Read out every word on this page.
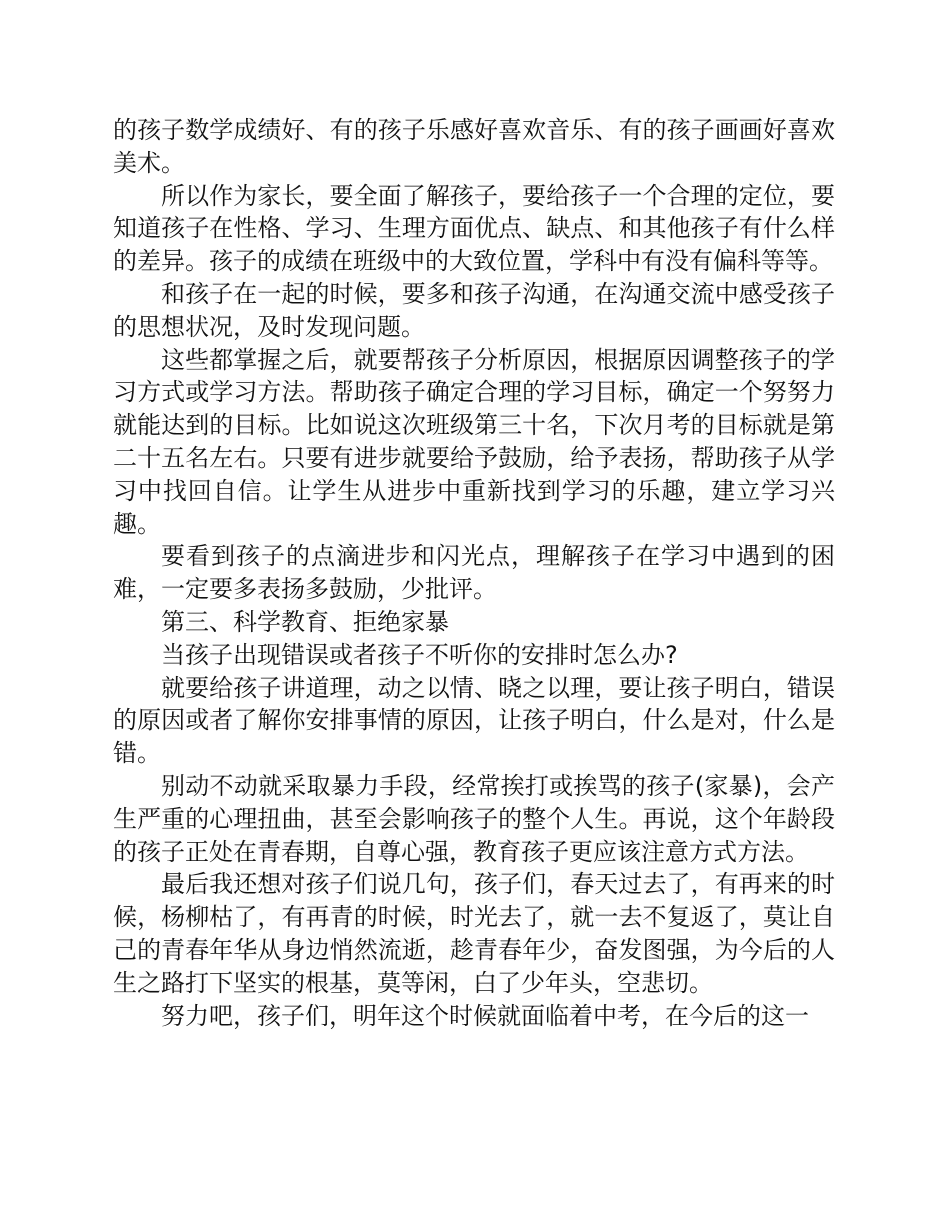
的孩子数学成绩好、有的孩子乐感好喜欢音乐、有的孩子画画好喜欢美术。

所以作为家长，要全面了解孩子，要给孩子一个合理的定位，要知道孩子在性格、学习、生理方面优点、缺点、和其他孩子有什么样的差异。孩子的成绩在班级中的大致位置，学科中有没有偏科等等。

和孩子在一起的时候，要多和孩子沟通，在沟通交流中感受孩子的思想状况，及时发现问题。

这些都掌握之后，就要帮孩子分析原因，根据原因调整孩子的学习方式或学习方法。帮助孩子确定合理的学习目标，确定一个努努力就能达到的目标。比如说这次班级第三十名，下次月考的目标就是第二十五名左右。只要有进步就要给予鼓励，给予表扬，帮助孩子从学习中找回自信。让学生从进步中重新找到学习的乐趣，建立学习兴趣。

要看到孩子的点滴进步和闪光点，理解孩子在学习中遇到的困难，一定要多表扬多鼓励，少批评。

第三、科学教育、拒绝家暴

当孩子出现错误或者孩子不听你的安排时怎么办?

就要给孩子讲道理，动之以情、晓之以理，要让孩子明白，错误的原因或者了解你安排事情的原因，让孩子明白，什么是对，什么是错。

别动不动就采取暴力手段，经常挨打或挨骂的孩子(家暴)，会产生严重的心理扭曲，甚至会影响孩子的整个人生。再说，这个年龄段的孩子正处在青春期，自尊心强，教育孩子更应该注意方式方法。

最后我还想对孩子们说几句，孩子们，春天过去了，有再来的时候，杨柳枯了，有再青的时候，时光去了，就一去不复返了，莫让自己的青春年华从身边悄然流逝，趁青春年少，奋发图强，为今后的人生之路打下坚实的根基，莫等闲，白了少年头，空悲切。

努力吧，孩子们，明年这个时候就面临着中考，在今后的这一
